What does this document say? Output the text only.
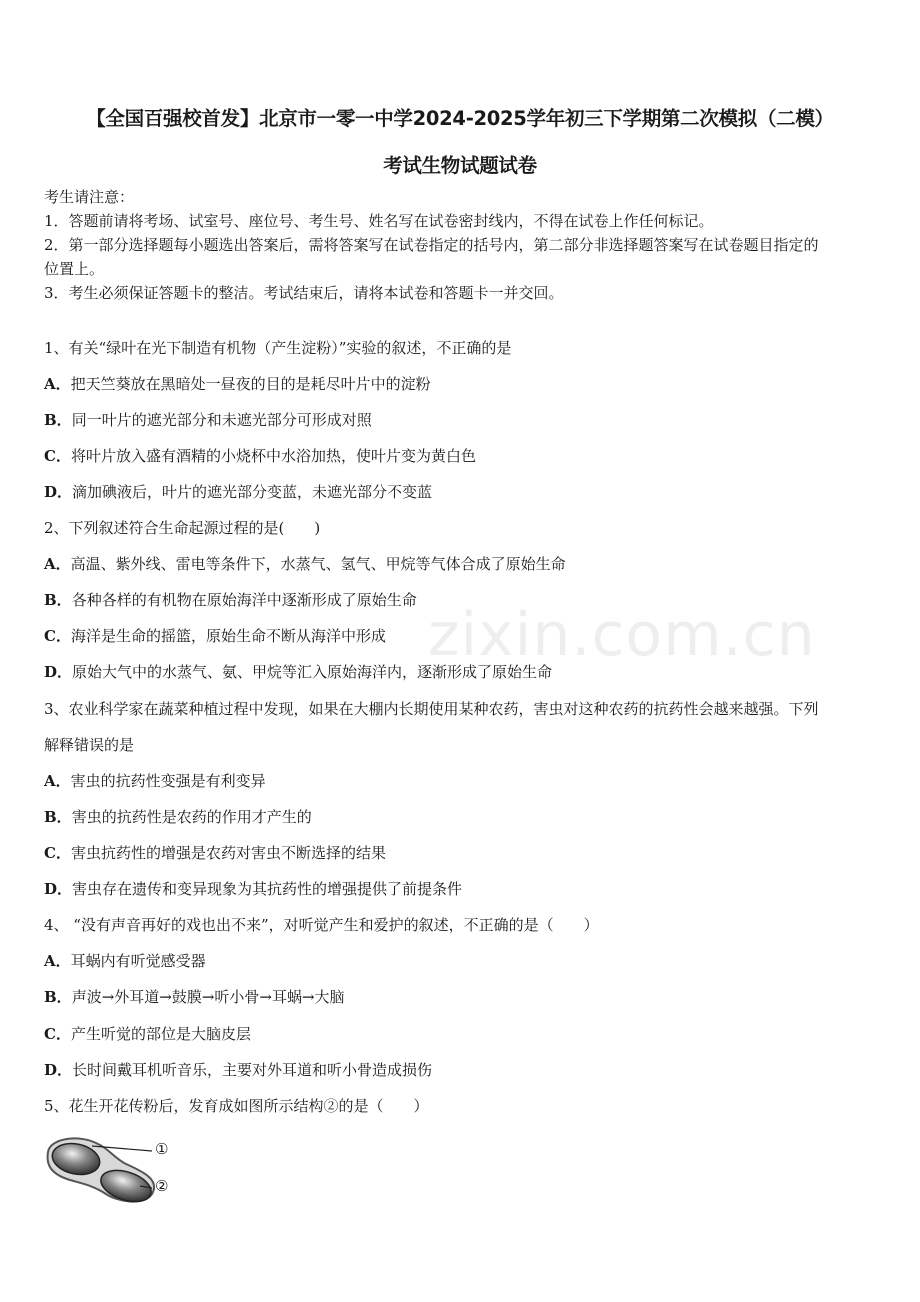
【全国百强校首发】北京市一零一中学2024-2025学年初三下学期第二次模拟（二模）
考试生物试题试卷
zixin.com.cn
考生请注意：
1．答题前请将考场、试室号、座位号、考生号、姓名写在试卷密封线内，不得在试卷上作任何标记。
2．第一部分选择题每小题选出答案后，需将答案写在试卷指定的括号内，第二部分非选择题答案写在试卷题目指定的
位置上。
3．考生必须保证答题卡的整洁。考试结束后，请将本试卷和答题卡一并交回。
1、有关“绿叶在光下制造有机物（产生淀粉）”实验的叙述，不正确的是
A．把天竺葵放在黑暗处一昼夜的目的是耗尽叶片中的淀粉
B．同一叶片的遮光部分和未遮光部分可形成对照
C．将叶片放入盛有酒精的小烧杯中水浴加热，使叶片变为黄白色
D．滴加碘液后，叶片的遮光部分变蓝，未遮光部分不变蓝
2、下列叙述符合生命起源过程的是(　　)
A．高温、紫外线、雷电等条件下，水蒸气、氢气、甲烷等气体合成了原始生命
B．各种各样的有机物在原始海洋中逐渐形成了原始生命
C．海洋是生命的摇篮，原始生命不断从海洋中形成
D．原始大气中的水蒸气、氨、甲烷等汇入原始海洋内，逐渐形成了原始生命
3、农业科学家在蔬菜种植过程中发现，如果在大棚内长期使用某种农药，害虫对这种农药的抗药性会越来越强。下列
解释错误的是
A．害虫的抗药性变强是有利变异
B．害虫的抗药性是农药的作用才产生的
C．害虫抗药性的增强是农药对害虫不断选择的结果
D．害虫存在遗传和变异现象为其抗药性的增强提供了前提条件
4、 “没有声音再好的戏也出不来”，对听觉产生和爱护的叙述，不正确的是（　　）
A．耳蜗内有听觉感受器
B．声波→外耳道→鼓膜→听小骨→耳蜗→大脑
C．产生听觉的部位是大脑皮层
D．长时间戴耳机听音乐，主要对外耳道和听小骨造成损伤
5、花生开花传粉后，发育成如图所示结构②的是（　　）
①
②
